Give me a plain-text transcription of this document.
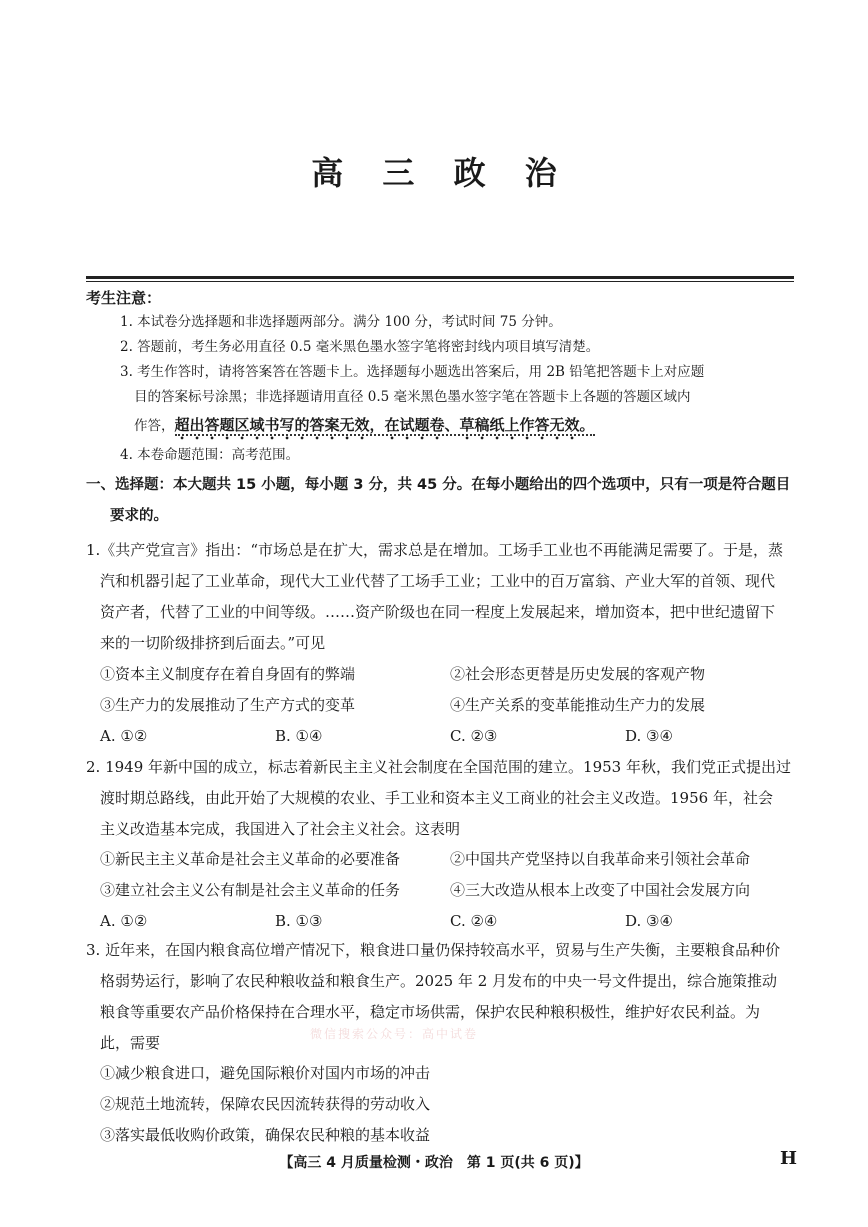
高 三 政 治
考生注意：
1. 本试卷分选择题和非选择题两部分。满分 100 分，考试时间 75 分钟。
2. 答题前，考生务必用直径 0.5 毫米黑色墨水签字笔将密封线内项目填写清楚。
3. 考生作答时，请将答案答在答题卡上。选择题每小题选出答案后，用 2B 铅笔把答题卡上对应题
目的答案标号涂黑；非选择题请用直径 0.5 毫米黑色墨水签字笔在答题卡上各题的答题区域内
作答，超出答题区域书写的答案无效，在试题卷、草稿纸上作答无效。
4. 本卷命题范围：高考范围。
一、选择题：本大题共 15 小题，每小题 3 分，共 45 分。在每小题给出的四个选项中，只有一项是符合题目
要求的。
1.《共产党宣言》指出：“市场总是在扩大，需求总是在增加。工场手工业也不再能满足需要了。于是，蒸
汽和机器引起了工业革命，现代大工业代替了工场手工业；工业中的百万富翁、产业大军的首领、现代
资产者，代替了工业的中间等级。……资产阶级也在同一程度上发展起来，增加资本，把中世纪遗留下
来的一切阶级排挤到后面去。”可见
①资本主义制度存在着自身固有的弊端	②社会形态更替是历史发展的客观产物
③生产力的发展推动了生产方式的变革	④生产关系的变革能推动生产力的发展
A. ①②	B. ①④	C. ②③	D. ③④
2. 1949 年新中国的成立，标志着新民主主义社会制度在全国范围的建立。1953 年秋，我们党正式提出过
渡时期总路线，由此开始了大规模的农业、手工业和资本主义工商业的社会主义改造。1956 年，社会
主义改造基本完成，我国进入了社会主义社会。这表明
①新民主主义革命是社会主义革命的必要准备	②中国共产党坚持以自我革命来引领社会革命
③建立社会主义公有制是社会主义革命的任务	④三大改造从根本上改变了中国社会发展方向
A. ①②	B. ①③	C. ②④	D. ③④
3. 近年来，在国内粮食高位增产情况下，粮食进口量仍保持较高水平，贸易与生产失衡，主要粮食品种价
格弱势运行，影响了农民种粮收益和粮食生产。2025 年 2 月发布的中央一号文件提出，综合施策推动
粮食等重要农产品价格保持在合理水平，稳定市场供需，保护农民种粮积极性，维护好农民利益。为
此，需要
①减少粮食进口，避免国际粮价对国内市场的冲击
②规范土地流转，保障农民因流转获得的劳动收入
③落实最低收购价政策，确保农民种粮的基本收益
微信搜索公众号：高中试卷
【高三 4 月质量检测・政治　第 1 页(共 6 页)】	H
